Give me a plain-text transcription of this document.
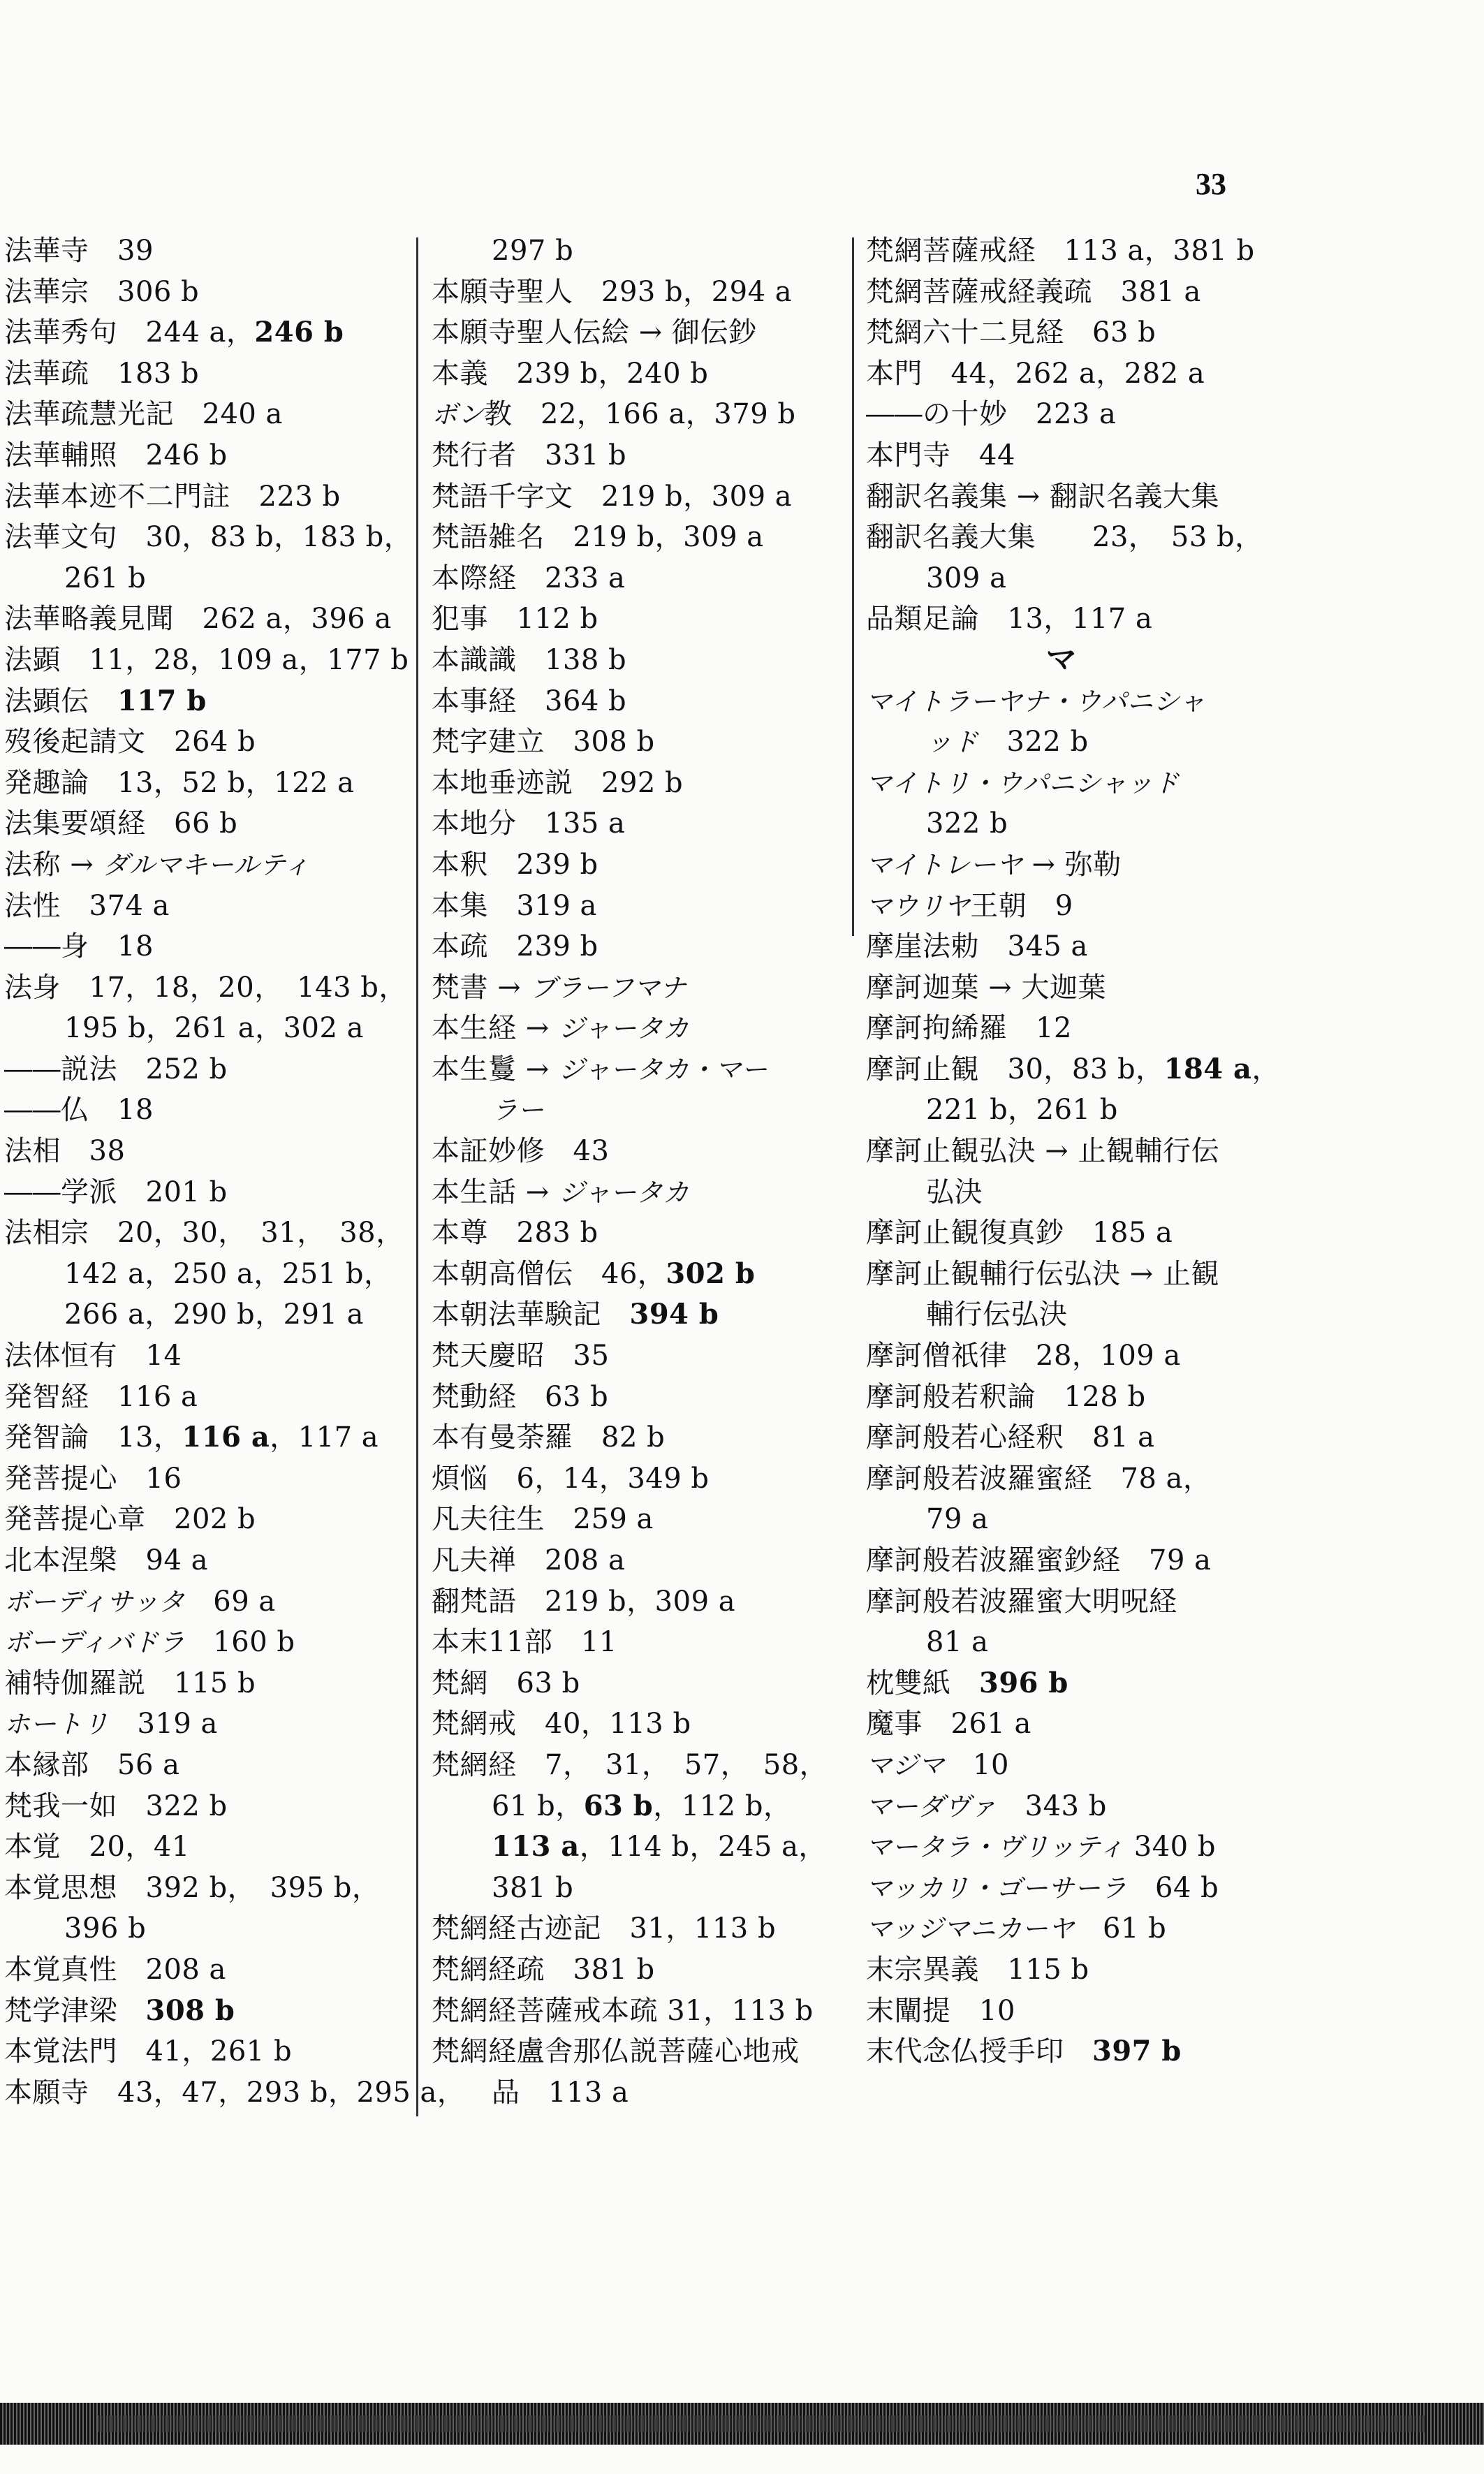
33
法華寺　39
法華宗　306 b
法華秀句　244 a，246 b
法華疏　183 b
法華疏慧光記　240 a
法華輔照　246 b
法華本迹不二門註　223 b
法華文句　30，83 b，183 b，
261 b
法華略義見聞　262 a，396 a
法顕　11，28，109 a，177 b
法顕伝　117 b
歿後起請文　264 b
発趣論　13，52 b，122 a
法集要頌経　66 b
法称 → ダルマキールティ
法性　374 a
――身　18
法身　17，18，20，　143 b，
195 b，261 a，302 a
――説法　252 b
――仏　18
法相　38
――学派　201 b
法相宗　20，30，　31，　38，
142 a，250 a，251 b，
266 a，290 b，291 a
法体恒有　14
発智経　116 a
発智論　13，116 a，117 a
発菩提心　16
発菩提心章　202 b
北本涅槃　94 a
ボーディサッタ　69 a
ボーディバドラ　160 b
補特伽羅説　115 b
ホートリ　319 a
本縁部　56 a
梵我一如　322 b
本覚　20，41
本覚思想　392 b，　395 b，
396 b
本覚真性　208 a
梵学津梁　308 b
本覚法門　41，261 b
本願寺　43，47，293 b，295 a，
297 b
本願寺聖人　293 b，294 a
本願寺聖人伝絵 → 御伝鈔
本義　239 b，240 b
ボン教　22，166 a，379 b
梵行者　331 b
梵語千字文　219 b，309 a
梵語雑名　219 b，309 a
本際経　233 a
犯事　112 b
本識識　138 b
本事経　364 b
梵字建立　308 b
本地垂迹説　292 b
本地分　135 a
本釈　239 b
本集　319 a
本疏　239 b
梵書 → ブラーフマナ
本生経 → ジャータカ
本生鬘 → ジャータカ・マー
ラー
本証妙修　43
本生話 → ジャータカ
本尊　283 b
本朝高僧伝　46，302 b
本朝法華験記　394 b
梵天慶昭　35
梵動経　63 b
本有曼荼羅　82 b
煩悩　6，14，349 b
凡夫往生　259 a
凡夫禅　208 a
翻梵語　219 b，309 a
本末11部　11
梵網　63 b
梵網戒　40，113 b
梵網経　7，　31，　57，　58，
61 b，63 b，112 b，
113 a，114 b，245 a，
381 b
梵網経古迹記　31，113 b
梵網経疏　381 b
梵網経菩薩戒本疏 31，113 b
梵網経盧舎那仏説菩薩心地戒
品　113 a
梵網菩薩戒経　113 a，381 b
梵網菩薩戒経義疏　381 a
梵網六十二見経　63 b
本門　44，262 a，282 a
――の十妙　223 a
本門寺　44
翻訳名義集 → 翻訳名義大集
翻訳名義大集　　23，　53 b，
309 a
品類足論　13，117 a
マ
マイトラーヤナ・ウパニシャ
ッド　322 b
マイトリ・ウパニシャッド
322 b
マイトレーヤ → 弥勒
マウリヤ王朝　9
摩崖法勅　345 a
摩訶迦葉 → 大迦葉
摩訶拘絺羅　12
摩訶止観　30，83 b，184 a，
221 b，261 b
摩訶止観弘決 → 止観輔行伝
弘決
摩訶止観復真鈔　185 a
摩訶止観輔行伝弘決 → 止観
輔行伝弘決
摩訶僧祇律　28，109 a
摩訶般若釈論　128 b
摩訶般若心経釈　81 a
摩訶般若波羅蜜経　78 a，
79 a
摩訶般若波羅蜜鈔経　79 a
摩訶般若波羅蜜大明呪経
81 a
枕雙紙　396 b
魔事　261 a
マジマ　10
マーダヴァ　343 b
マータラ・ヴリッティ 340 b
マッカリ・ゴーサーラ　64 b
マッジマニカーヤ　61 b
末宗異義　115 b
末闡提　10
末代念仏授手印　397 b
